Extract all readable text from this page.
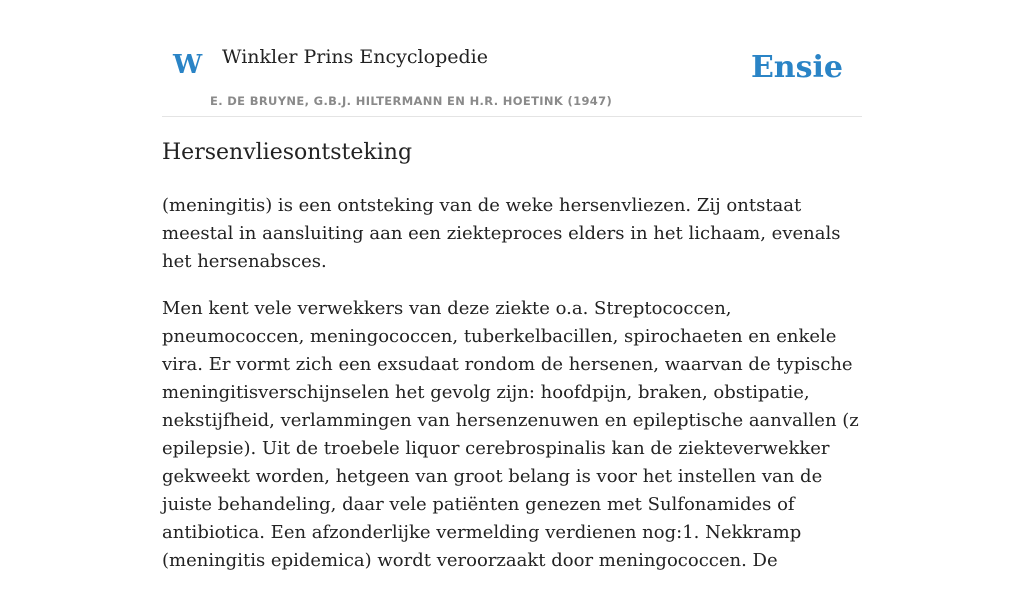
W Winkler Prins Encyclopedie
E. DE BRUYNE, G.B.J. HILTERMANN EN H.R. HOETINK (1947)
Ensie
Hersenvliesontsteking

(meningitis) is een ontsteking van de weke hersenvliezen. Zij ontstaat meestal in aansluiting aan een ziekteproces elders in het lichaam, evenals het hersenabsces.

Men kent vele verwekkers van deze ziekte o.a. Streptococcen, pneumococcen, meningococcen, tuberkelbacillen, spirochaeten en enkele vira. Er vormt zich een exsudaat rondom de hersenen, waarvan de typische meningitisverschijnselen het gevolg zijn: hoofdpijn, braken, obstipatie, nekstijfheid, verlammingen van hersenzenuwen en epileptische aanvallen (z epilepsie). Uit de troebele liquor cerebrospinalis kan de ziekteverwekker gekweekt worden, hetgeen van groot belang is voor het instellen van de juiste behandeling, daar vele patiënten genezen met Sulfonamides of antibiotica. Een afzonderlijke vermelding verdienen nog:1. Nekkramp (meningitis epidemica) wordt veroorzaakt door meningococcen. De
